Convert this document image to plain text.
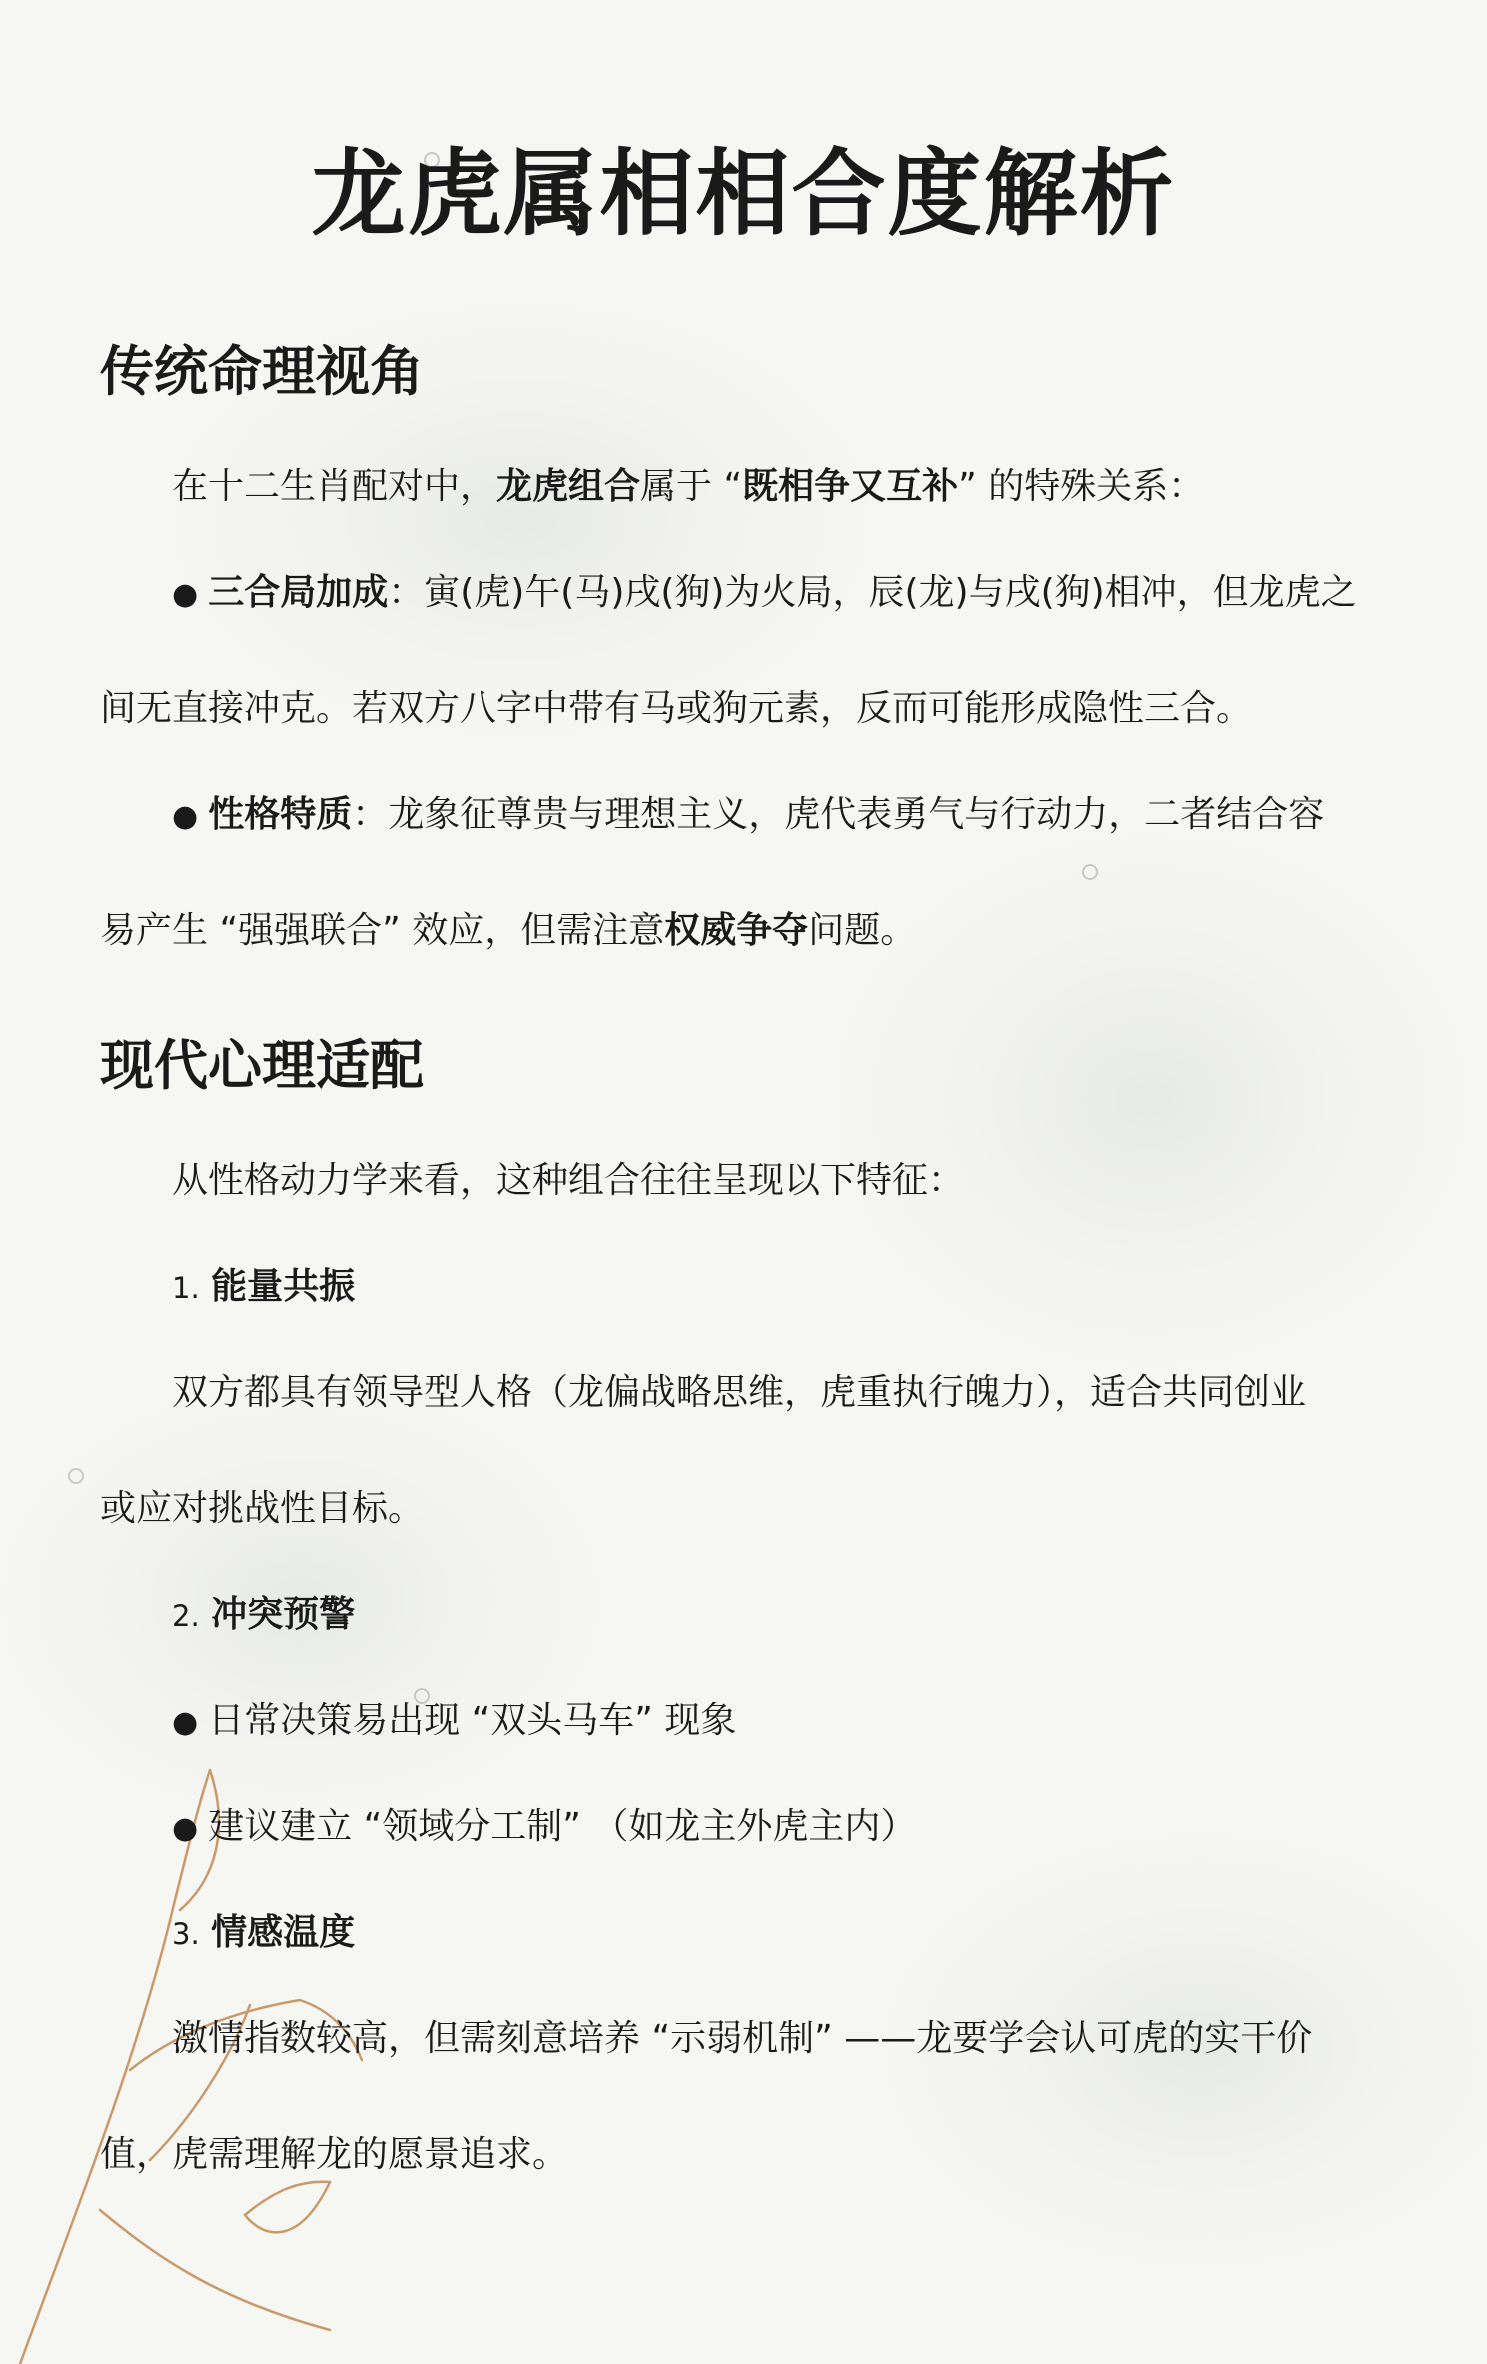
龙虎属相相合度解析
传统命理视角

在十二生肖配对中，龙虎组合属于 “既相争又互补” 的特殊关系：

● 三合局加成：寅(虎)午(马)戌(狗)为火局，辰(龙)与戌(狗)相冲，但龙虎之

间无直接冲克。若双方八字中带有马或狗元素，反而可能形成隐性三合。

● 性格特质：龙象征尊贵与理想主义，虎代表勇气与行动力，二者结合容

易产生 “强强联合” 效应，但需注意权威争夺问题。

现代心理适配

从性格动力学来看，这种组合往往呈现以下特征：

1. 能量共振

双方都具有领导型人格（龙偏战略思维，虎重执行魄力），适合共同创业

或应对挑战性目标。

2. 冲突预警

● 日常决策易出现 “双头马车” 现象

● 建议建立 “领域分工制” （如龙主外虎主内）

3. 情感温度

激情指数较高，但需刻意培养 “示弱机制” ——龙要学会认可虎的实干价

值，虎需理解龙的愿景追求。
